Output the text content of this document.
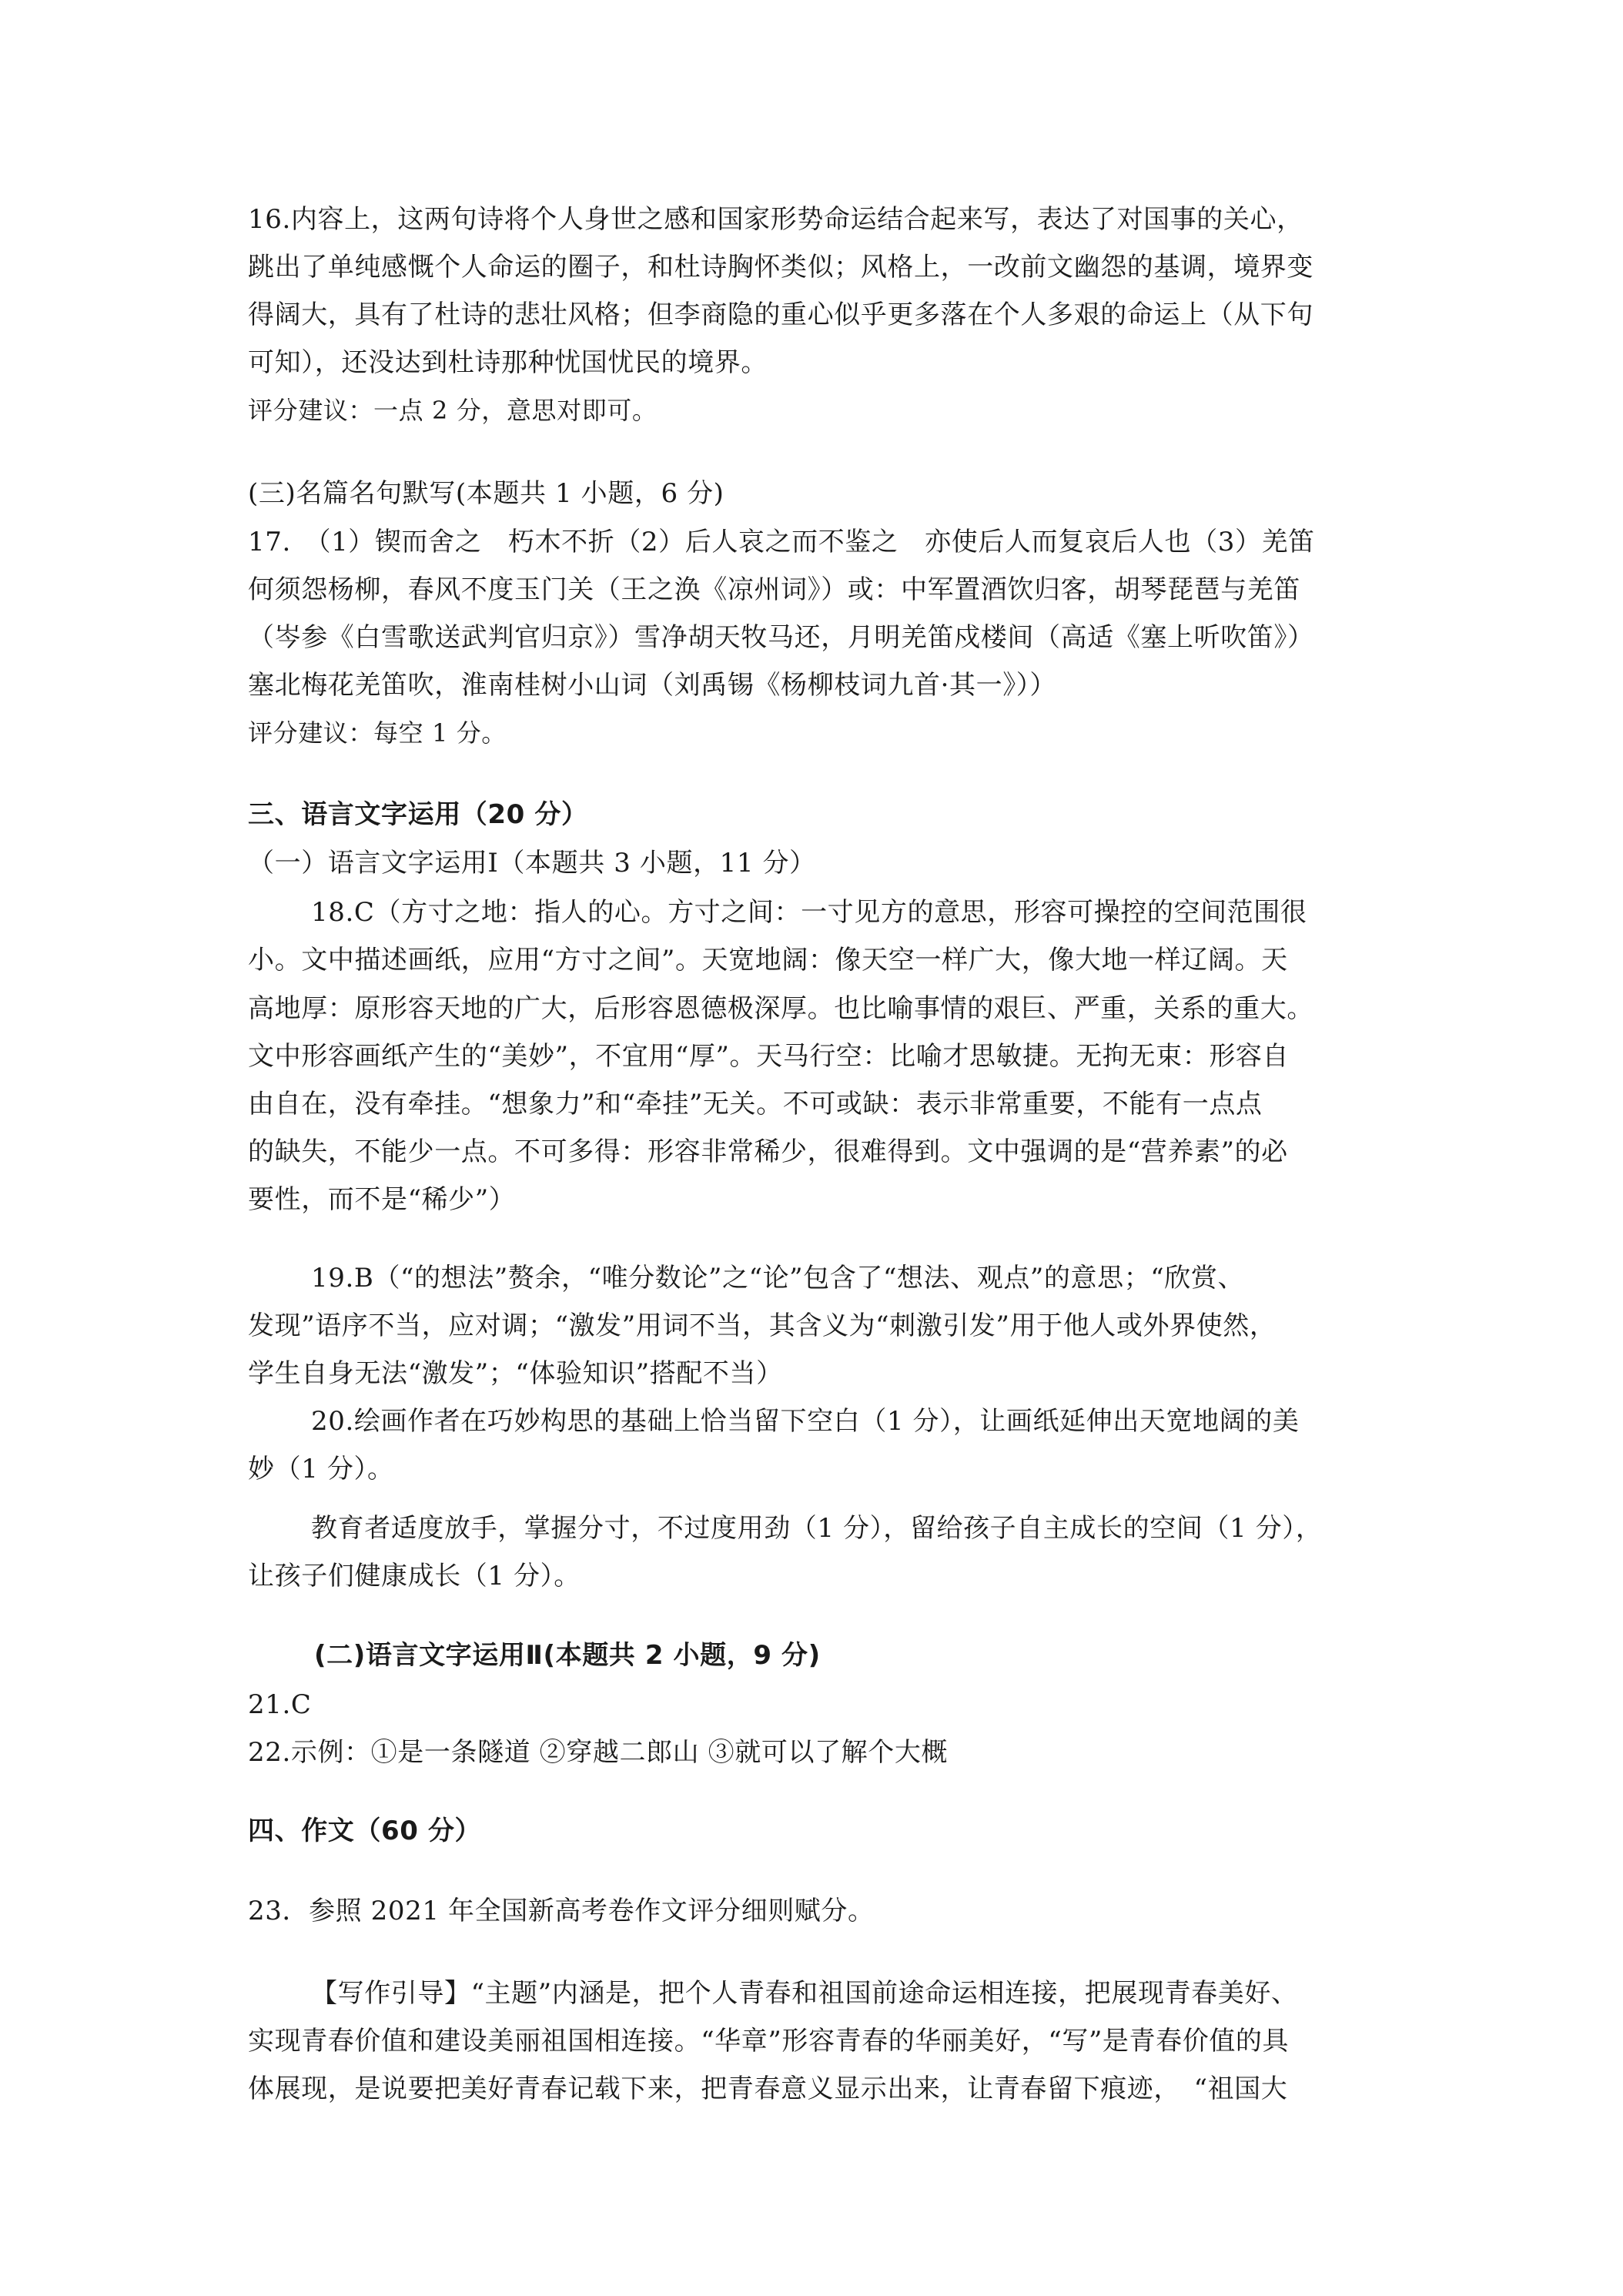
16.内容上，这两句诗将个人身世之感和国家形势命运结合起来写，表达了对国事的关心，
跳出了单纯感慨个人命运的圈子，和杜诗胸怀类似；风格上，一改前文幽怨的基调，境界变
得阔大，具有了杜诗的悲壮风格；但李商隐的重心似乎更多落在个人多艰的命运上（从下句
可知），还没达到杜诗那种忧国忧民的境界。
评分建议：一点 2 分，意思对即可。
(三)名篇名句默写(本题共 1 小题，6 分)
17.　（1）锲而舍之　朽木不折（2）后人哀之而不鉴之　亦使后人而复哀后人也（3）羌笛
何须怨杨柳，春风不度玉门关（王之涣《凉州词》）或：中军置酒饮归客，胡琴琵琶与羌笛
（岑参《白雪歌送武判官归京》）雪净胡天牧马还，月明羌笛戍楼间（高适《塞上听吹笛》）
塞北梅花羌笛吹，淮南桂树小山词（刘禹锡《杨柳枝词九首·其一》））
评分建议：每空 1 分。
三、语言文字运用（20 分）
（一）语言文字运用Ⅰ（本题共 3 小题，11 分）
18.C（方寸之地：指人的心。方寸之间：一寸见方的意思，形容可操控的空间范围很
小。文中描述画纸，应用“方寸之间”。天宽地阔：像天空一样广大，像大地一样辽阔。天
高地厚：原形容天地的广大，后形容恩德极深厚。也比喻事情的艰巨、严重，关系的重大。
文中形容画纸产生的“美妙”，不宜用“厚”。天马行空：比喻才思敏捷。无拘无束：形容自
由自在，没有牵挂。“想象力”和“牵挂”无关。不可或缺：表示非常重要，不能有一点点
的缺失，不能少一点。不可多得：形容非常稀少，很难得到。文中强调的是“营养素”的必
要性，而不是“稀少”）
19.B（“的想法”赘余，“唯分数论”之“论”包含了“想法、观点”的意思；“欣赏、
发现”语序不当，应对调；“激发”用词不当，其含义为“刺激引发”用于他人或外界使然，
学生自身无法“激发”；“体验知识”搭配不当）
20.绘画作者在巧妙构思的基础上恰当留下空白（1 分），让画纸延伸出天宽地阔的美
妙（1 分）。
教育者适度放手，掌握分寸，不过度用劲（1 分），留给孩子自主成长的空间（1 分），
让孩子们健康成长（1 分）。
(二)语言文字运用Ⅱ(本题共 2 小题，9 分)
21.C
22.示例：①是一条隧道 ②穿越二郎山 ③就可以了解个大概
四、作文（60 分）
23．参照 2021 年全国新高考卷作文评分细则赋分。
【写作引导】“主题”内涵是，把个人青春和祖国前途命运相连接，把展现青春美好、
实现青春价值和建设美丽祖国相连接。“华章”形容青春的华丽美好，“写”是青春价值的具
体展现，是说要把美好青春记载下来，把青春意义显示出来，让青春留下痕迹，　“祖国大
